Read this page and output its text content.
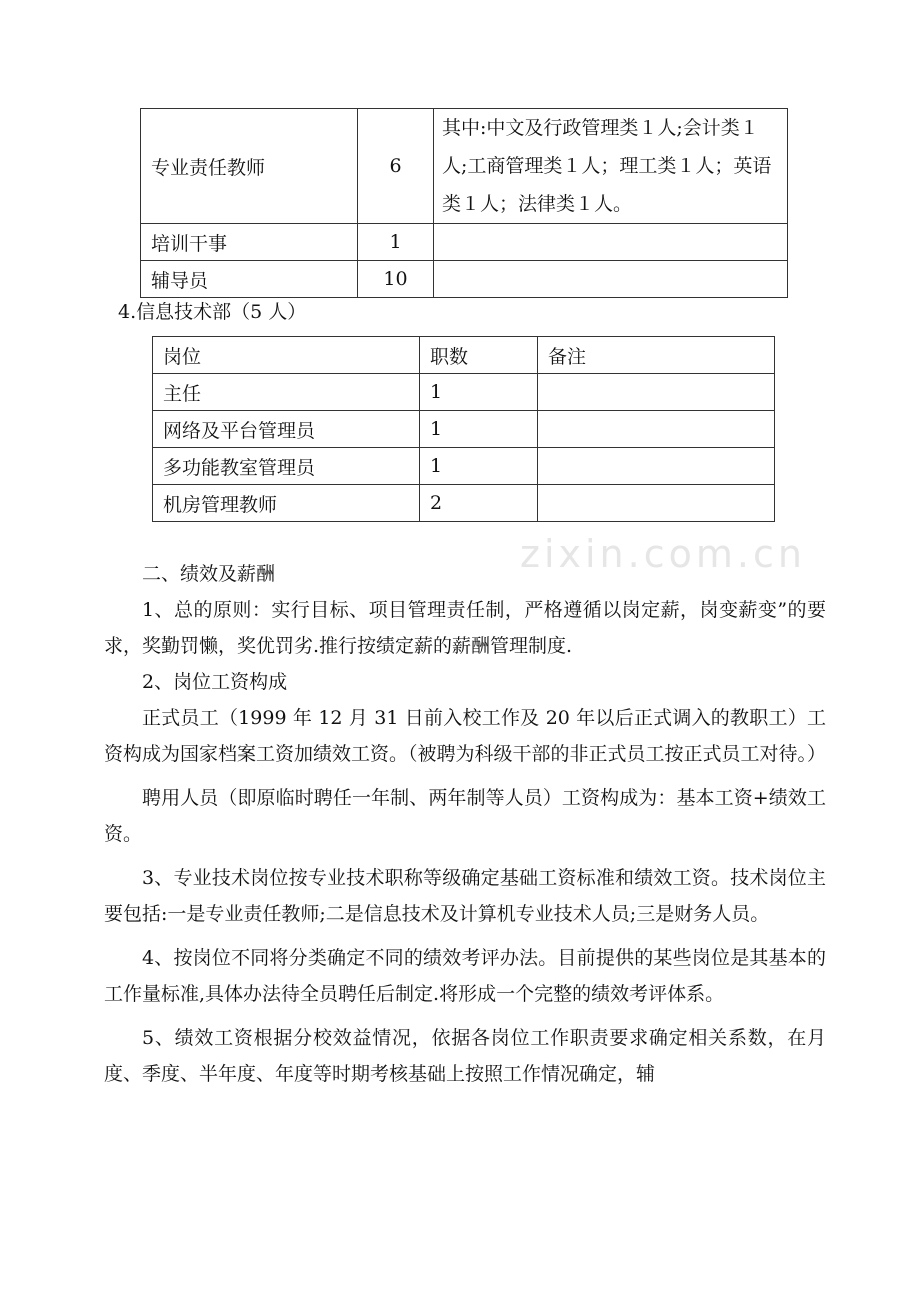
zixin.com.cn
专业责任教师	6	其中:中文及行政管理类１人;会计类１人;工商管理类１人；理工类１人；英语类１人；法律类１人。
培训干事	1	
辅导员	10	
4.信息技术部（5 人）
岗位	职数	备注
主任	1	
网络及平台管理员	1	
多功能教室管理员	1	
机房管理教师	2	

二、绩效及薪酬

1、总的原则：实行目标、项目管理责任制，严格遵循以岗定薪，岗变薪变”的要求，奖勤罚懒，奖优罚劣.推行按绩定薪的薪酬管理制度.

2、岗位工资构成

正式员工（1999 年 12 月 31 日前入校工作及 20 年以后正式调入的教职工）工资构成为国家档案工资加绩效工资。（被聘为科级干部的非正式员工按正式员工对待。）

聘用人员（即原临时聘任一年制、两年制等人员）工资构成为：基本工资+绩效工资。

3、专业技术岗位按专业技术职称等级确定基础工资标准和绩效工资。技术岗位主要包括:一是专业责任教师;二是信息技术及计算机专业技术人员;三是财务人员。

4、按岗位不同将分类确定不同的绩效考评办法。目前提供的某些岗位是其基本的工作量标准,具体办法待全员聘任后制定.将形成一个完整的绩效考评体系。

5、绩效工资根据分校效益情况，依据各岗位工作职责要求确定相关系数，在月度、季度、半年度、年度等时期考核基础上按照工作情况确定，辅
